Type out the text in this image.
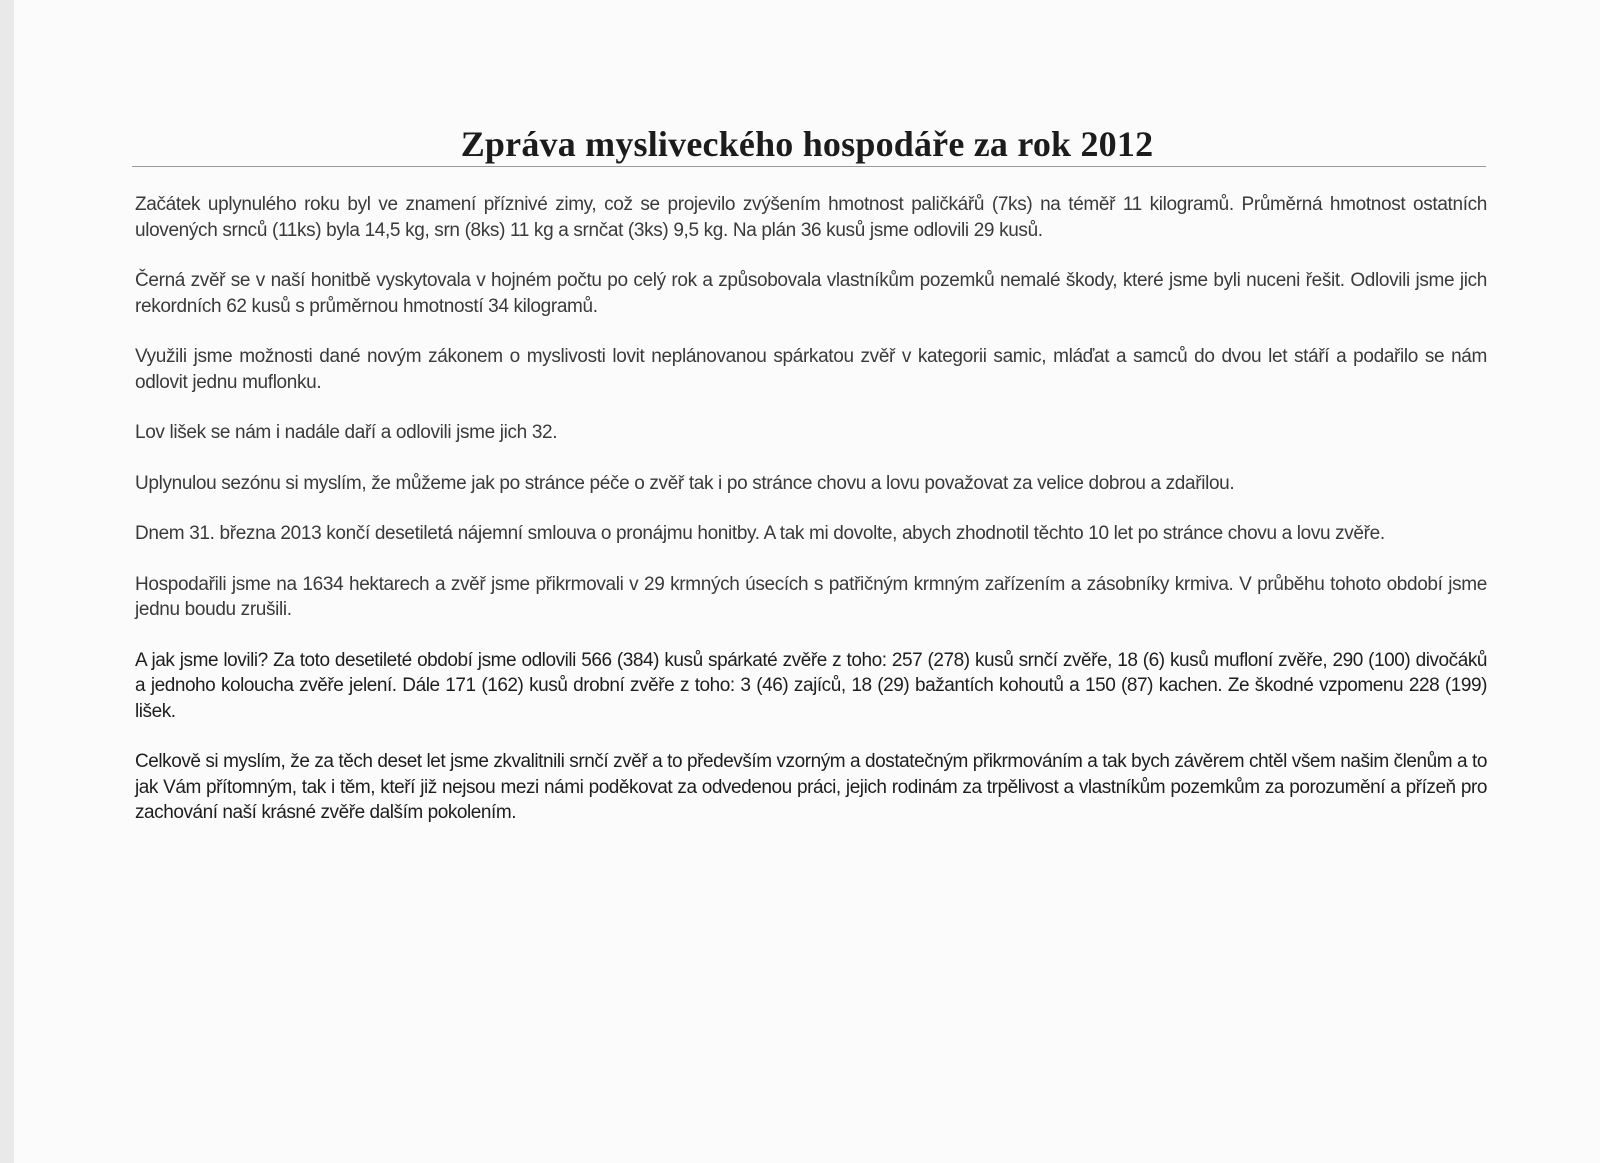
Zpráva mysliveckého hospodáře za rok 2012

Začátek uplynulého roku byl ve znamení příznivé zimy, což se projevilo zvýšením hmotnost paličkářů (7ks) na téměř 11 kilogramů. Průměrná hmotnost ostatních ulovených srnců (11ks) byla 14,5 kg, srn (8ks) 11 kg a srnčat (3ks) 9,5 kg. Na plán 36 kusů jsme odlovili 29 kusů.

Černá zvěř se v naší honitbě vyskytovala v hojném počtu po celý rok a způsobovala vlastníkům pozemků nemalé škody, které jsme byli nuceni řešit. Odlovili jsme jich rekordních 62 kusů s průměrnou hmotností 34 kilogramů.

Využili jsme možnosti dané novým zákonem o myslivosti lovit neplánovanou spárkatou zvěř v kategorii samic, mláďat a samců do dvou let stáří a podařilo se nám odlovit jednu muflonku.

Lov lišek se nám i nadále daří a odlovili jsme jich 32.

Uplynulou sezónu si myslím, že můžeme jak po stránce péče o zvěř tak i po stránce chovu a lovu považovat za velice dobrou a zdařilou.

Dnem 31. března 2013 končí desetiletá nájemní smlouva o pronájmu honitby. A tak mi dovolte, abych zhodnotil těchto 10 let po stránce chovu a lovu zvěře.

Hospodařili jsme na 1634 hektarech a zvěř jsme přikrmovali v 29 krmných úsecích s patřičným krmným zařízením a zásobníky krmiva. V průběhu tohoto období jsme jednu boudu zrušili.

A jak jsme lovili? Za toto desetileté období jsme odlovili 566 (384) kusů spárkaté zvěře z toho: 257 (278) kusů srnčí zvěře, 18 (6) kusů mufloní zvěře, 290 (100) divočáků a jednoho kolouchа zvěře jelení. Dále 171 (162) kusů drobní zvěře z toho: 3 (46) zajíců, 18 (29) bažantích kohoutů a 150 (87) kachen. Ze škodné vzpomenu 228 (199) lišek.

Celkově si myslím, že za těch deset let jsme zkvalitnili srnčí zvěř a to především vzorným a dostatečným přikrmováním a tak bych závěrem chtěl všem našim členům a to jak Vám přítomným, tak i těm, kteří již nejsou mezi námi poděkovat za odvedenou práci, jejich rodinám za trpělivost a vlastníkům pozemkům za porozumění a přízeň pro zachování naší krásné zvěře dalším pokolením.
